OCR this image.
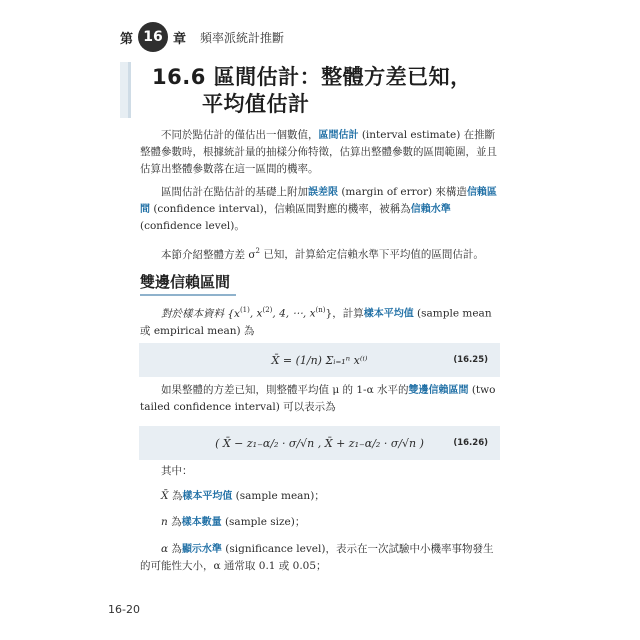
第 16 章 頻率派統計推斷
16.6 區間估計：整體方差已知，
平均值估計
不同於點估計的僅估出一個數值，區間估計 (interval estimate) 在推斷整體參數時，根據統計量的抽樣分佈特徵，估算出整體參數的區間範圍，並且估算出整體參數落在這一區間的機率。
區間估計在點估計的基礎上附加誤差限 (margin of error) 來構造信賴區間 (confidence interval)，信賴區間對應的機率，被稱為信賴水準 (confidence level)。
本節介紹整體方差 $\sigma^2$ 已知，計算給定信賴水準下平均值的區間估計。
雙邊信賴區間
對於樣本資料 {$x^{(1)}$, $x^{(2)}$, 4, ⋯, $x^{(n)}$}，計算樣本平均值 (sample mean 或 empirical mean) 為
X̄ = (1/n) Σᵢ₌₁ⁿ x⁽ⁱ⁾	(16.25)
如果整體的方差已知，則整體平均值 μ 的 1-α 水平的雙邊信賴區間 (two tailed confidence interval) 可以表示為
( X̄ − z₁₋α/₂ · σ/√n , X̄ + z₁₋α/₂ · σ/√n )	(16.26)
其中：
X̄ 為樣本平均值 (sample mean)；
n 為樣本數量 (sample size)；
α 為顯示水準 (significance level)，表示在一次試驗中小機率事物發生的可能性大小，α 通常取 0.1 或 0.05；
16-20
